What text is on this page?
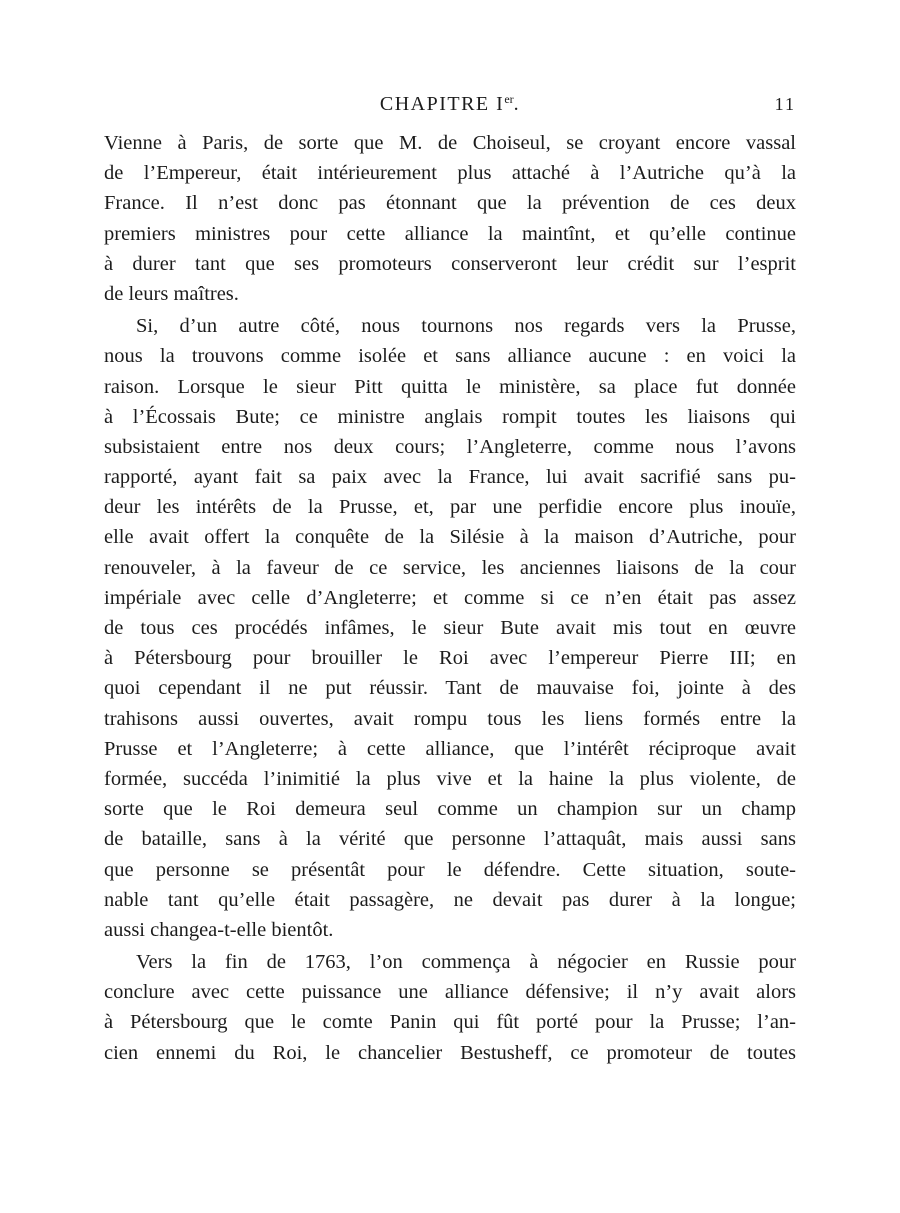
CHAPITRE Ier.	11
Vienne à Paris, de sorte que M. de Choiseul, se croyant encore vassal
de l’Empereur, était intérieurement plus attaché à l’Autriche qu’à la
France. Il n’est donc pas étonnant que la prévention de ces deux
premiers ministres pour cette alliance la maintînt, et qu’elle continue
à durer tant que ses promoteurs conserveront leur crédit sur l’esprit
de leurs maîtres.
Si, d’un autre côté, nous tournons nos regards vers la Prusse,
nous la trouvons comme isolée et sans alliance aucune : en voici la
raison. Lorsque le sieur Pitt quitta le ministère, sa place fut donnée
à l’Écossais Bute; ce ministre anglais rompit toutes les liaisons qui
subsistaient entre nos deux cours; l’Angleterre, comme nous l’avons
rapporté, ayant fait sa paix avec la France, lui avait sacrifié sans pu-
deur les intérêts de la Prusse, et, par une perfidie encore plus inouïe,
elle avait offert la conquête de la Silésie à la maison d’Autriche, pour
renouveler, à la faveur de ce service, les anciennes liaisons de la cour
impériale avec celle d’Angleterre; et comme si ce n’en était pas assez
de tous ces procédés infâmes, le sieur Bute avait mis tout en œuvre
à Pétersbourg pour brouiller le Roi avec l’empereur Pierre III; en
quoi cependant il ne put réussir. Tant de mauvaise foi, jointe à des
trahisons aussi ouvertes, avait rompu tous les liens formés entre la
Prusse et l’Angleterre; à cette alliance, que l’intérêt réciproque avait
formée, succéda l’inimitié la plus vive et la haine la plus violente, de
sorte que le Roi demeura seul comme un champion sur un champ
de bataille, sans à la vérité que personne l’attaquât, mais aussi sans
que personne se présentât pour le défendre. Cette situation, soute-
nable tant qu’elle était passagère, ne devait pas durer à la longue;
aussi changea-t-elle bientôt.
Vers la fin de 1763, l’on commença à négocier en Russie pour
conclure avec cette puissance une alliance défensive; il n’y avait alors
à Pétersbourg que le comte Panin qui fût porté pour la Prusse; l’an-
cien ennemi du Roi, le chancelier Bestusheff, ce promoteur de toutes
